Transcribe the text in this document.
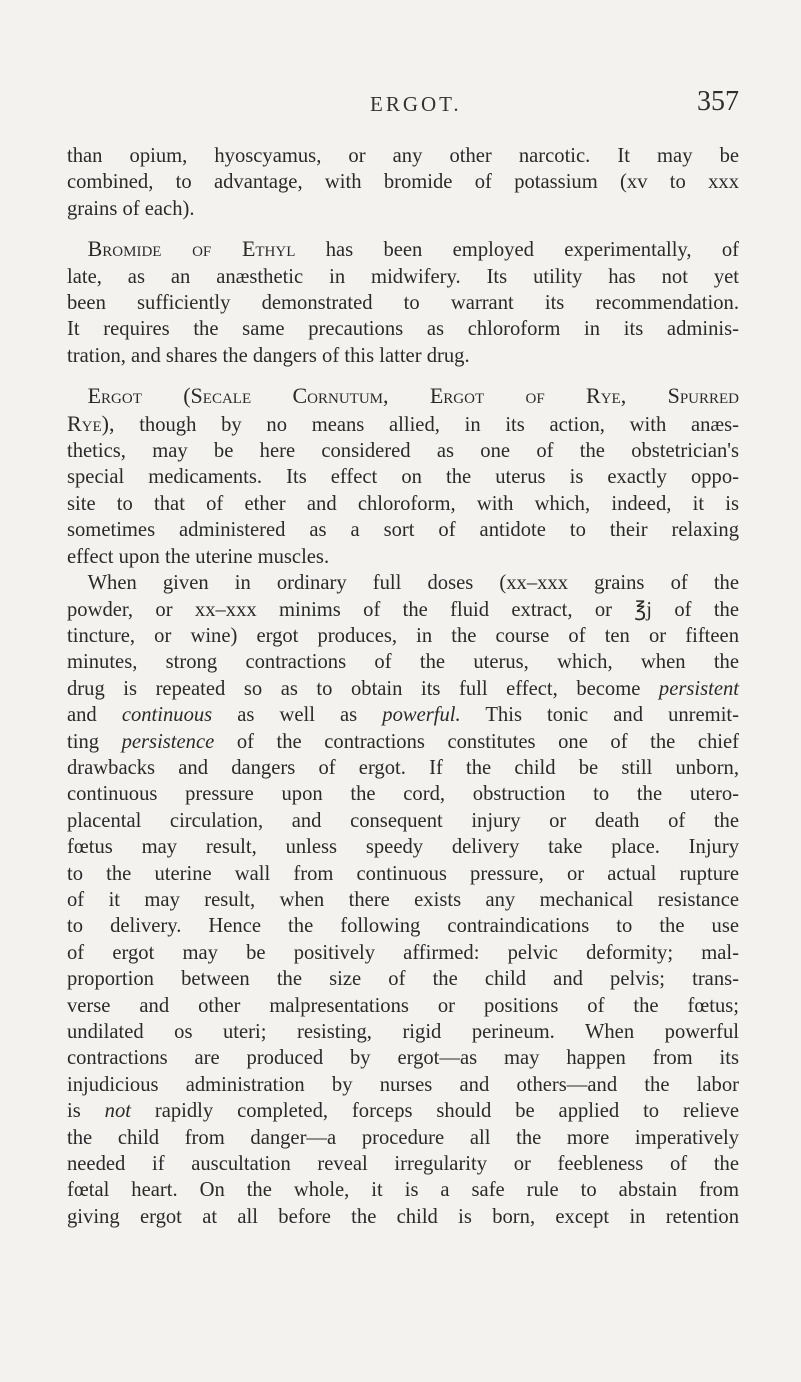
ERGOT.	357

than opium, hyoscyamus, or any other narcotic. It may be
combined, to advantage, with bromide of potassium (xv to xxx
grains of each).

  Bromide of Ethyl has been employed experimentally, of
late, as an anæsthetic in midwifery. Its utility has not yet
been sufficiently demonstrated to warrant its recommendation.
It requires the same precautions as chloroform in its adminis-
tration, and shares the dangers of this latter drug.

  Ergot (Secale Cornutum, Ergot of Rye, Spurred
Rye), though by no means allied, in its action, with anæs-
thetics, may be here considered as one of the obstetrician's
special medicaments. Its effect on the uterus is exactly oppo-
site to that of ether and chloroform, with which, indeed, it is
sometimes administered as a sort of antidote to their relaxing
effect upon the uterine muscles.

  When given in ordinary full doses (xx–xxx grains of the
powder, or xx–xxx minims of the fluid extract, or ℥j of the
tincture, or wine) ergot produces, in the course of ten or fifteen
minutes, strong contractions of the uterus, which, when the
drug is repeated so as to obtain its full effect, become persistent
and continuous as well as powerful. This tonic and unremit-
ting persistence of the contractions constitutes one of the chief
drawbacks and dangers of ergot. If the child be still unborn,
continuous pressure upon the cord, obstruction to the utero-
placental circulation, and consequent injury or death of the
fœtus may result, unless speedy delivery take place. Injury
to the uterine wall from continuous pressure, or actual rupture
of it may result, when there exists any mechanical resistance
to delivery. Hence the following contraindications to the use
of ergot may be positively affirmed: pelvic deformity; mal-
proportion between the size of the child and pelvis; trans-
verse and other malpresentations or positions of the fœtus;
undilated os uteri; resisting, rigid perineum. When powerful
contractions are produced by ergot—as may happen from its
injudicious administration by nurses and others—and the labor
is not rapidly completed, forceps should be applied to relieve
the child from danger—a procedure all the more imperatively
needed if auscultation reveal irregularity or feebleness of the
fœtal heart. On the whole, it is a safe rule to abstain from
giving ergot at all before the child is born, except in retention
